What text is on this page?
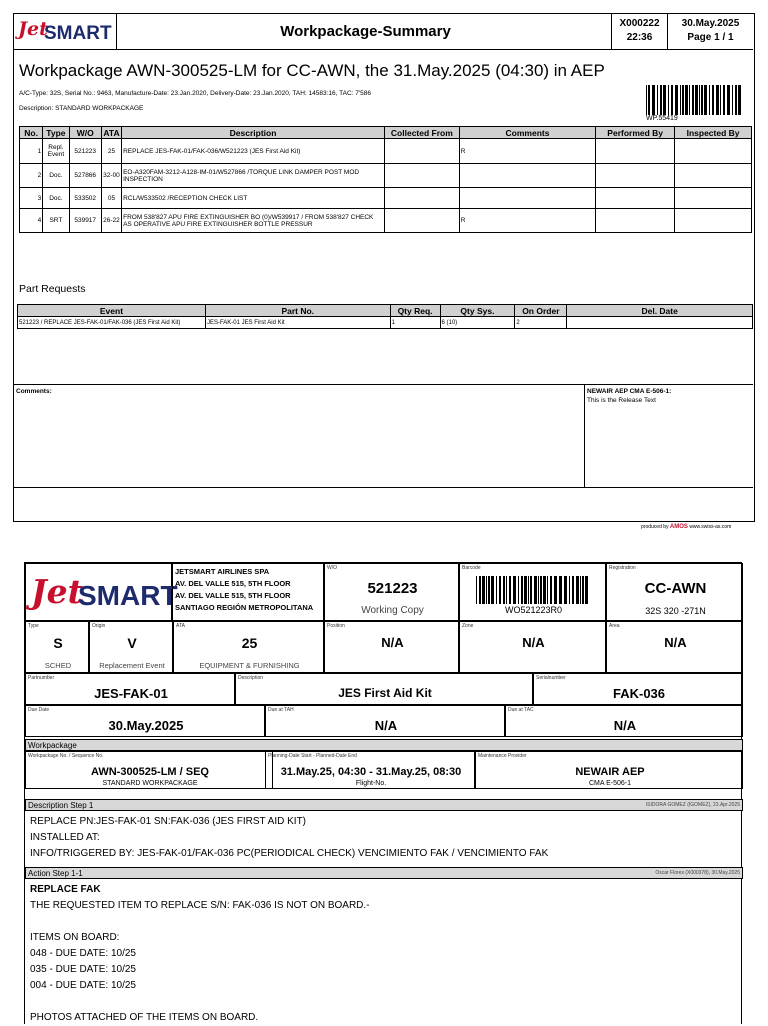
Jet
SMART	Workpackage-Summary	X000222
22:36
30.May.2025
Page 1 / 1
Workpackage AWN-300525-LM for CC-AWN, the 31.May.2025 (04:30) in AEP
A/C-Type: 32S, Serial No.: 9463, Manufacture-Date: 23.Jan.2020, Delivery-Date: 23.Jan.2020, TAH: 14583:16, TAC: 7'586
Description: STANDARD WORKPACKAGE
WP.55419
No.	Type	W/O	ATA	Description	Collected From	Comments	Performed By	Inspected By
1	Repl. Event	521223	25	REPLACE JES-FAK-01/FAK-036/W521223 (JES First Aid Kit)		R		
2	Doc.	527866	32-00	EO-A320FAM-3212-A128-IM-01/W527866 /TORQUE LINK DAMPER POST MOD INSPECTION				
3	Doc.	533502	05	RCL/W533502 /RECEPTION CHECK LIST				
4	SRT	539917	26-22	FROM 538'827 APU FIRE EXTINGUISHER BO (0)/W539917 / FROM 538'827 CHECK AS OPERATIVE APU FIRE EXTINGUISHER BOTTLE PRESSUR		R		
Part Requests
Event	Part No.	Qty Req.	Qty Sys.	On Order	Del. Date
521223 / REPLACE JES-FAK-01/FAK-036 (JES First Aid Kit)	JES-FAK-01 JES First Aid Kit	1	6 (10)	2	
Comments:	NEWAIR AEP CMA E-506-1:
This is the Release Text
produced by AMOS www.swiss-as.com
Jet
SMART
JETSMART AIRLINES SPA
AV. DEL VALLE 515, 5TH FLOOR
AV. DEL VALLE 515, 5TH FLOOR
SANTIAGO REGIÓN METROPOLITANA
W/O
521223
Working Copy
Barcode
WO521223R0
Registration
CC-AWN
32S 320 -271N
Type
S
SCHED
Origin
V
Replacement Event
ATA
25
EQUIPMENT & FURNISHING
Position
N/A
Zone
N/A
Area
N/A
Partnumber
JES-FAK-01
Description
JES First Aid Kit
Serialnumber
FAK-036
Due Date
30.May.2025
Due at TAH
N/A
Due at TAC
N/A
Workpackage
Workpackage No. / Sequence No.
AWN-300525-LM / SEQ
STANDARD WORKPACKAGE
Planning-Date Start - Planned-Date End
31.May.25, 04:30 - 31.May.25, 08:30
Flight-No.
Maintenance Provider
NEWAIR AEP
CMA E-506-1
Description Step 1	ISIDORA GOMEZ (IGOMEZ), 23.Apr.2025
REPLACE PN:JES-FAK-01 SN:FAK-036 (JES FIRST AID KIT)
INSTALLED AT:
INFO/TRIGGERED BY: JES-FAK-01/FAK-036 PC(PERIODICAL CHECK) VENCIMIENTO FAK / VENCIMIENTO FAK
Action Step 1-1	Oscar Flores (X000378), 30.May.2025
REPLACE FAK
THE REQUESTED ITEM TO REPLACE S/N: FAK-036 IS NOT ON BOARD.-
ITEMS ON BOARD:
048 - DUE DATE: 10/25
035 - DUE DATE: 10/25
004 - DUE DATE: 10/25
PHOTOS ATTACHED OF THE ITEMS ON BOARD.
